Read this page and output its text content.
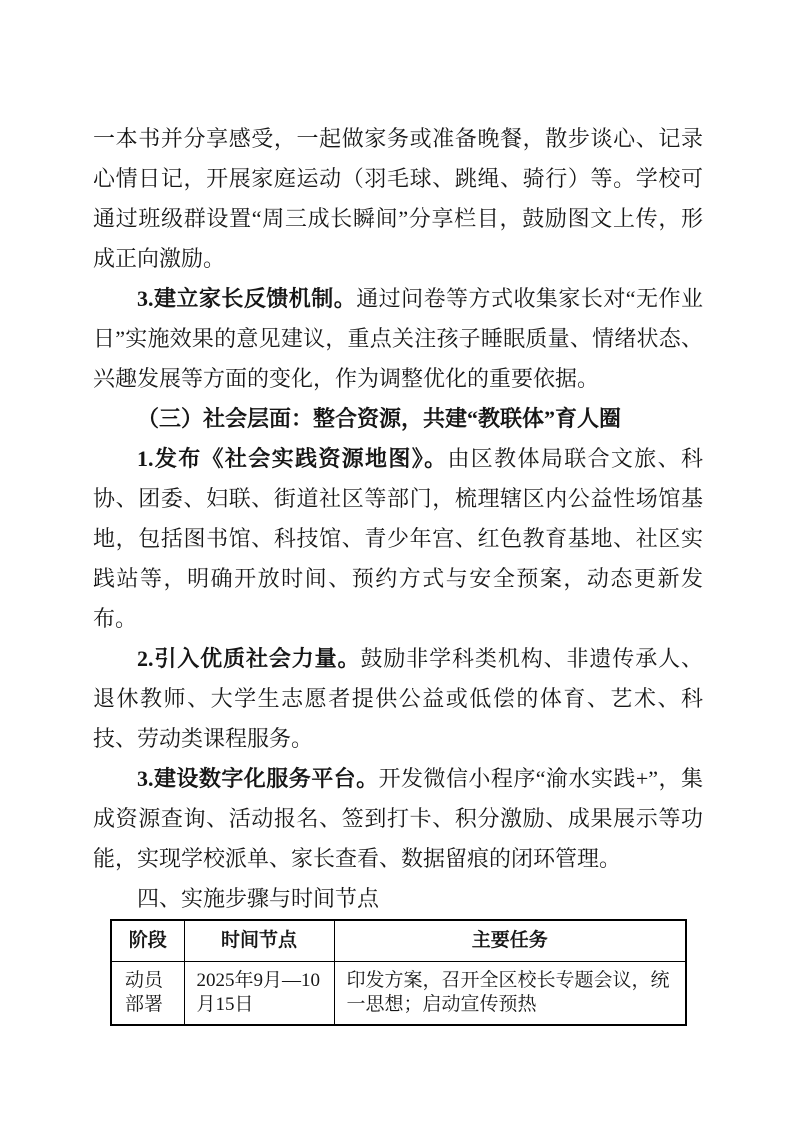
一本书并分享感受，一起做家务或准备晚餐，散步谈心、记录心情日记，开展家庭运动（羽毛球、跳绳、骑行）等。学校可通过班级群设置“周三成长瞬间”分享栏目，鼓励图文上传，形成正向激励。

3.建立家长反馈机制。通过问卷等方式收集家长对“无作业日”实施效果的意见建议，重点关注孩子睡眠质量、情绪状态、兴趣发展等方面的变化，作为调整优化的重要依据。

（三）社会层面：整合资源，共建“教联体”育人圈

1.发布《社会实践资源地图》。由区教体局联合文旅、科协、团委、妇联、街道社区等部门，梳理辖区内公益性场馆基地，包括图书馆、科技馆、青少年宫、红色教育基地、社区实践站等，明确开放时间、预约方式与安全预案，动态更新发布。

2.引入优质社会力量。鼓励非学科类机构、非遗传承人、退休教师、大学生志愿者提供公益或低偿的体育、艺术、科技、劳动类课程服务。

3.建设数字化服务平台。开发微信小程序“渝水实践+”，集成资源查询、活动报名、签到打卡、积分激励、成果展示等功能，实现学校派单、家长查看、数据留痕的闭环管理。

四、实施步骤与时间节点

阶段	时间节点	主要任务
动员部署	2025年9月—10月15日	印发方案，召开全区校长专题会议，统一思想；启动宣传预热
